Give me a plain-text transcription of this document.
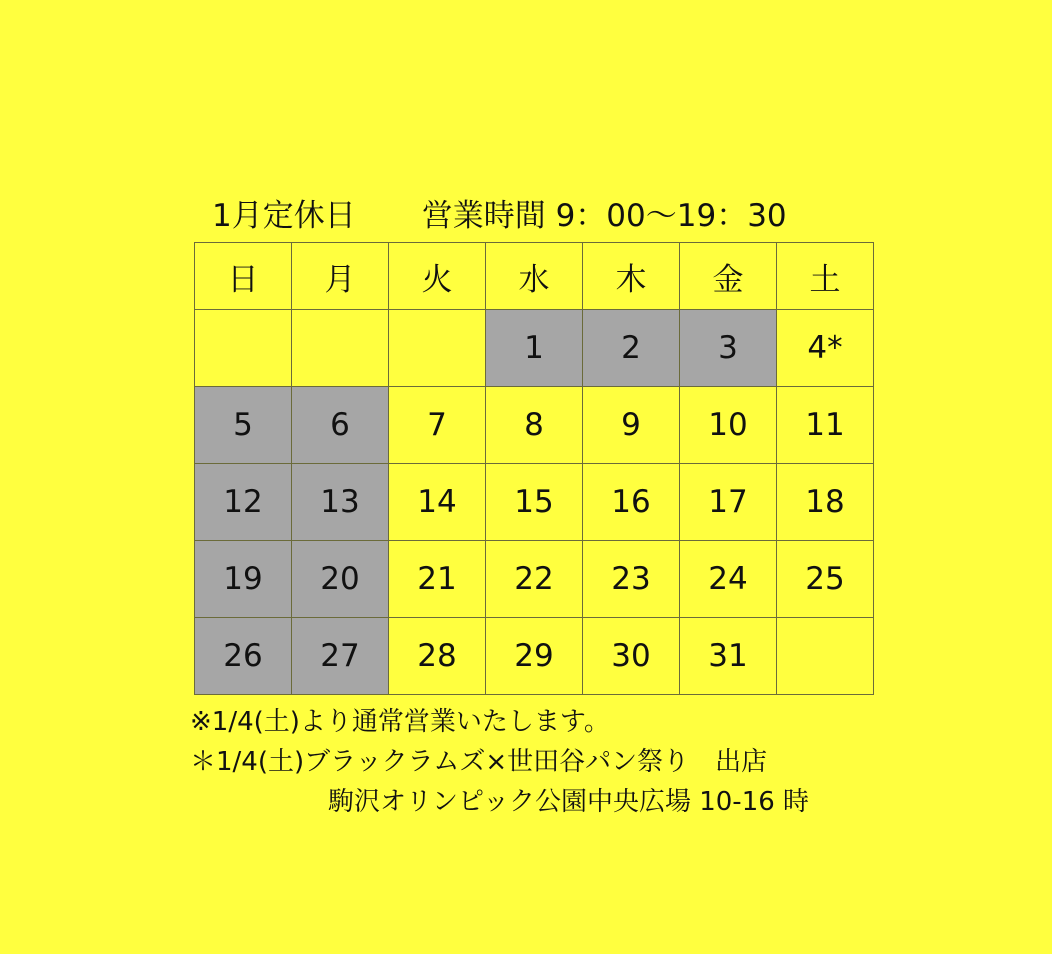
1月定休日 営業時間 9：00～19：30
日	月	火	水	木	金	土
			1	2	3	4*
5	6	7	8	9	10	11
12	13	14	15	16	17	18
19	20	21	22	23	24	25
26	27	28	29	30	31	
※1/4(土)より通常営業いたします。
＊1/4(土)ブラックラムズ×世田谷パン祭り　出店
駒沢オリンピック公園中央広場 10-16 時
